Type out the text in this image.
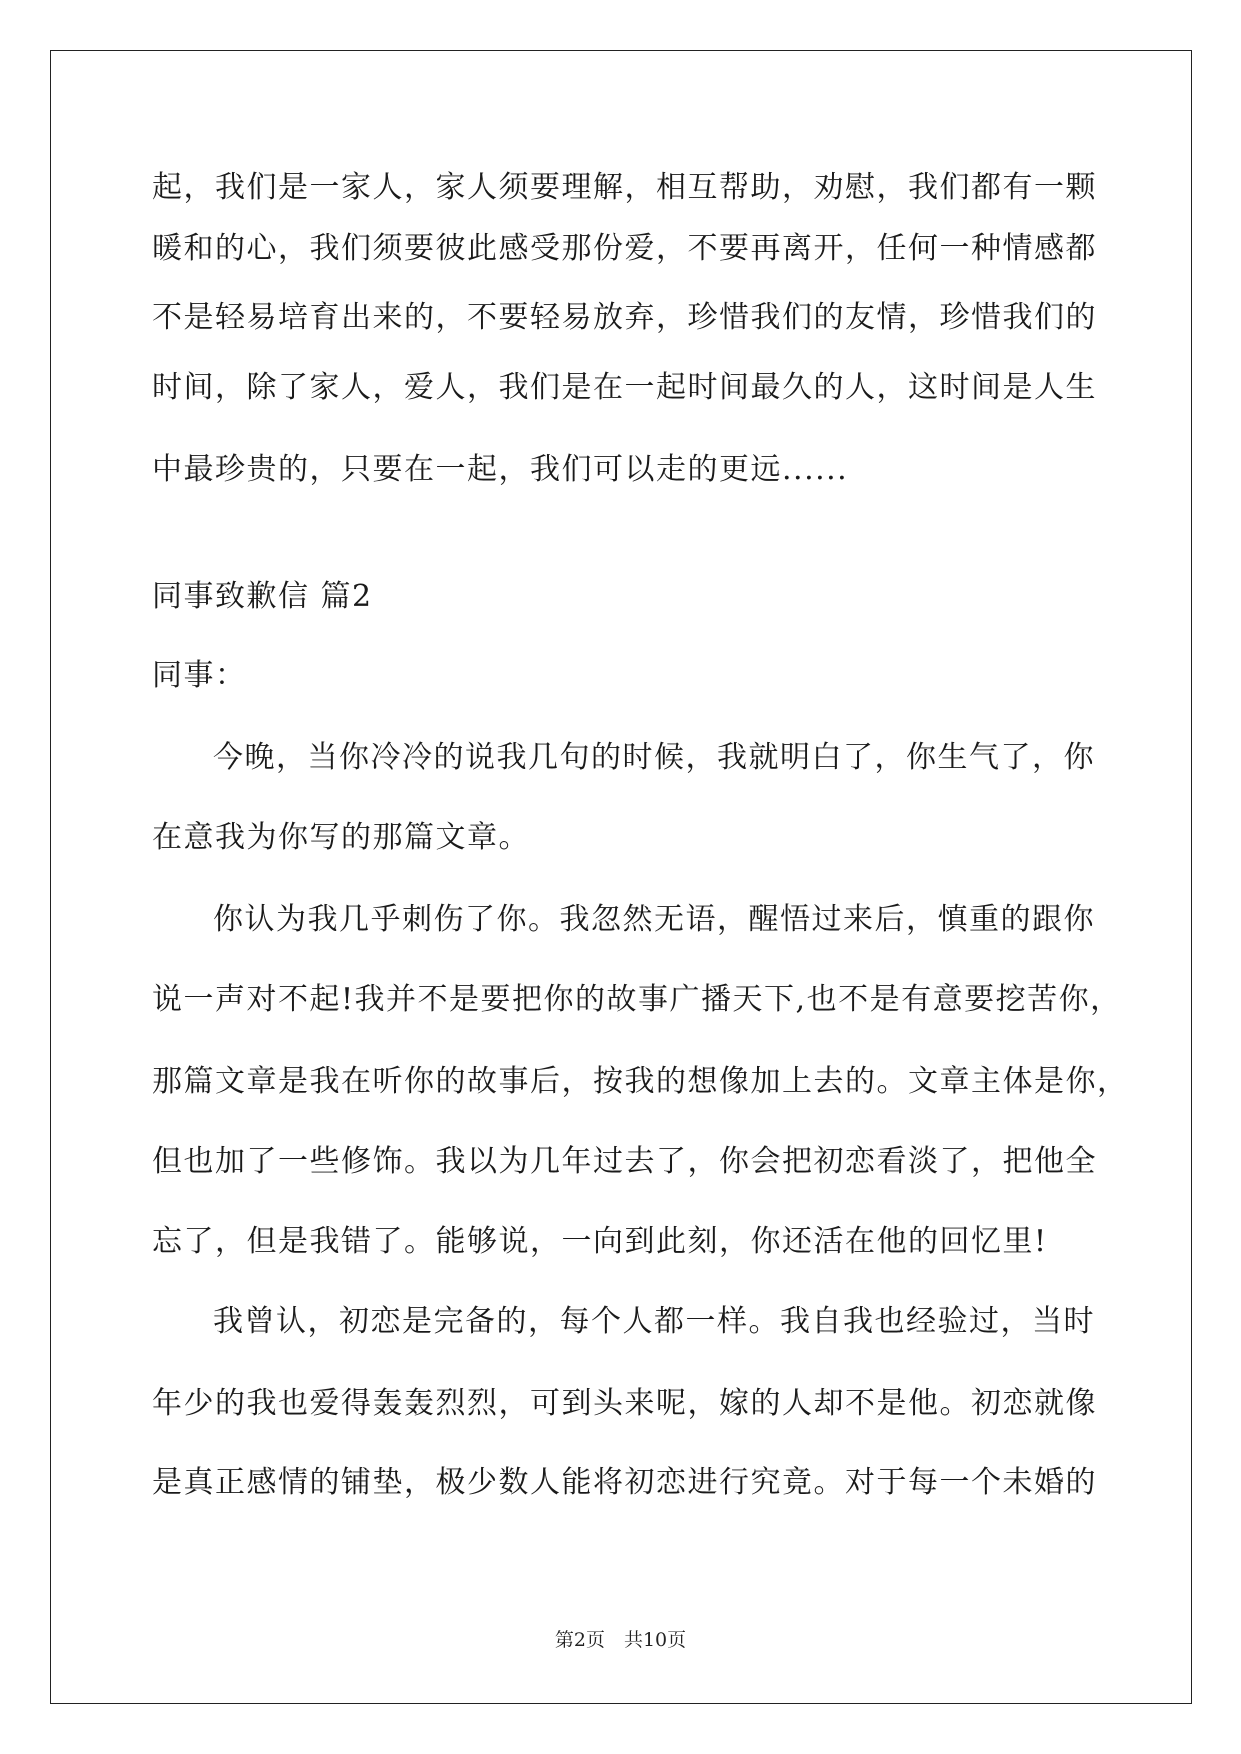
起，我们是一家人，家人须要理解，相互帮助，劝慰，我们都有一颗
暖和的心，我们须要彼此感受那份爱，不要再离开，任何一种情感都
不是轻易培育出来的，不要轻易放弃，珍惜我们的友情，珍惜我们的
时间，除了家人，爱人，我们是在一起时间最久的人，这时间是人生
中最珍贵的，只要在一起，我们可以走的更远......
同事致歉信 篇2
同事：
今晚，当你冷冷的说我几句的时候，我就明白了，你生气了，你
在意我为你写的那篇文章。
你认为我几乎刺伤了你。我忽然无语，醒悟过来后，慎重的跟你
说一声对不起!我并不是要把你的故事广播天下,也不是有意要挖苦你，
那篇文章是我在听你的故事后，按我的想像加上去的。文章主体是你，
但也加了一些修饰。我以为几年过去了，你会把初恋看淡了，把他全
忘了，但是我错了。能够说，一向到此刻，你还活在他的回忆里!
我曾认，初恋是完备的，每个人都一样。我自我也经验过，当时
年少的我也爱得轰轰烈烈，可到头来呢，嫁的人却不是他。初恋就像
是真正感情的铺垫，极少数人能将初恋进行究竟。对于每一个未婚的
第2页　共10页
